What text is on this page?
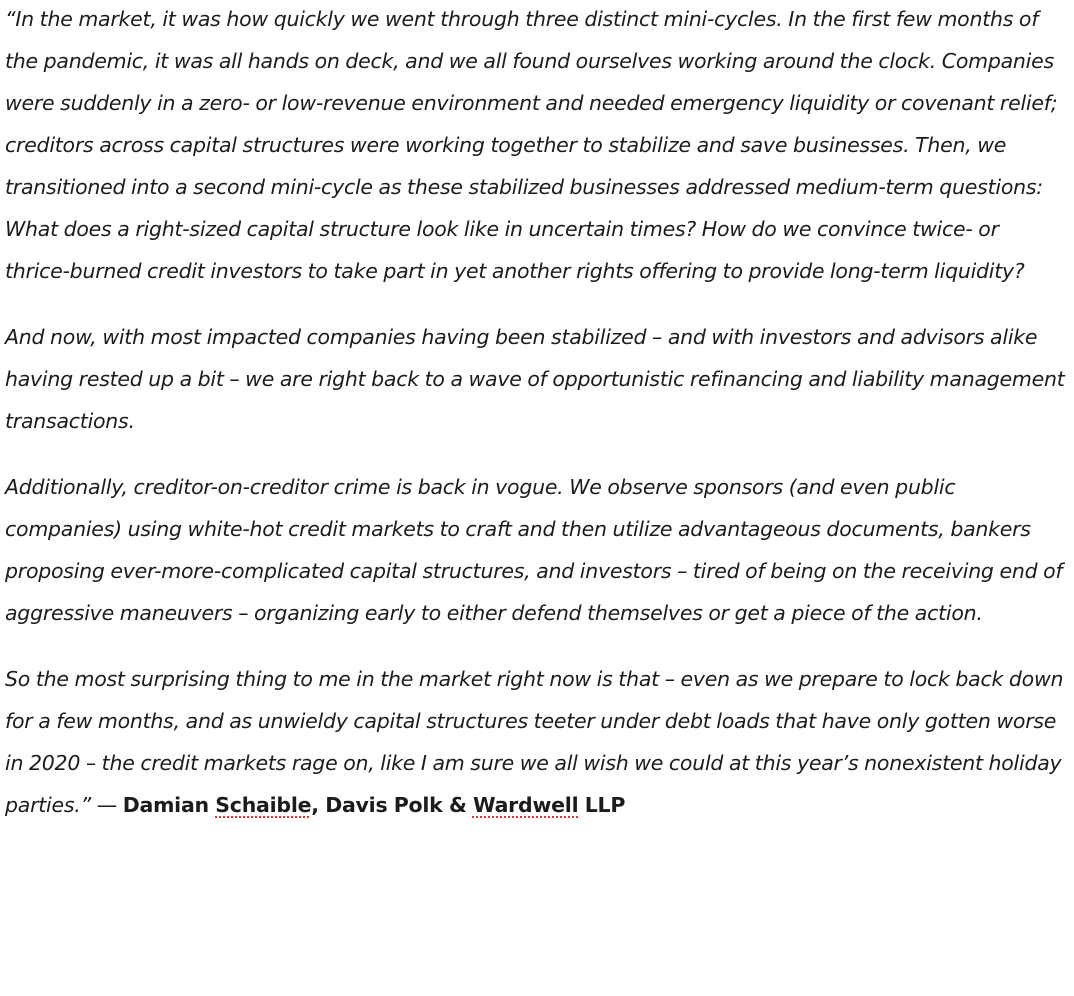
“In the market, it was how quickly we went through three distinct mini-cycles. In the first few months of the pandemic, it was all hands on deck, and we all found ourselves working around the clock. Companies were suddenly in a zero- or low-revenue environment and needed emergency liquidity or covenant relief; creditors across capital structures were working together to stabilize and save businesses. Then, we transitioned into a second mini-cycle as these stabilized businesses addressed medium-term questions: What does a right-sized capital structure look like in uncertain times? How do we convince twice- or thrice-burned credit investors to take part in yet another rights offering to provide long-term liquidity?

And now, with most impacted companies having been stabilized – and with investors and advisors alike having rested up a bit – we are right back to a wave of opportunistic refinancing and liability management transactions.

Additionally, creditor-on-creditor crime is back in vogue. We observe sponsors (and even public companies) using white-hot credit markets to craft and then utilize advantageous documents, bankers proposing ever-more-complicated capital structures, and investors – tired of being on the receiving end of aggressive maneuvers – organizing early to either defend themselves or get a piece of the action.

So the most surprising thing to me in the market right now is that – even as we prepare to lock back down for a few months, and as unwieldy capital structures teeter under debt loads that have only gotten worse in 2020 – the credit markets rage on, like I am sure we all wish we could at this year’s nonexistent holiday parties.” — Damian Schaible, Davis Polk & Wardwell LLP
